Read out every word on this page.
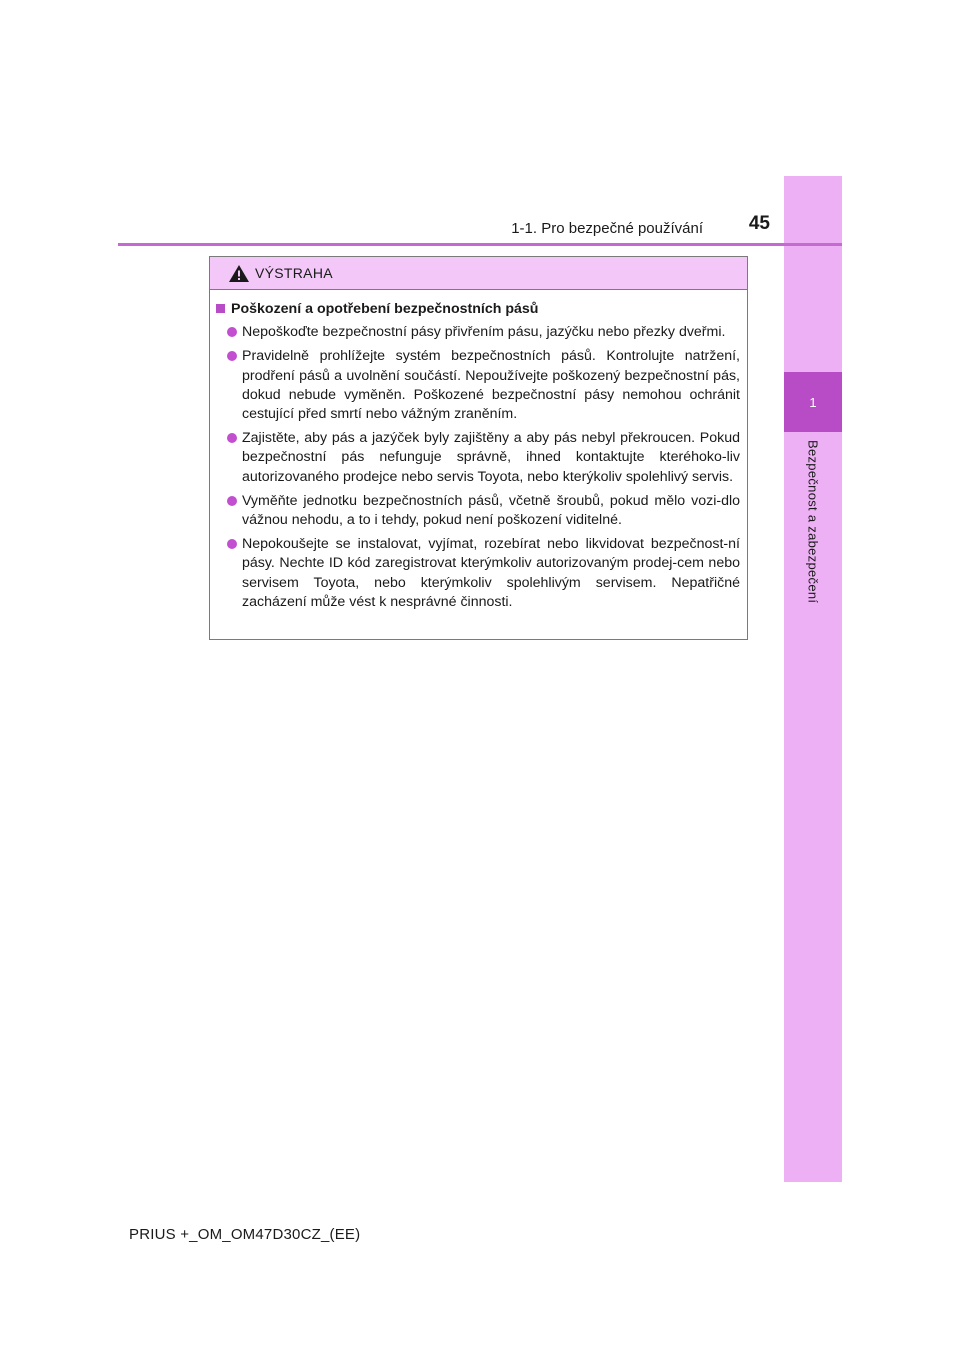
1
Bezpečnost a zabezpečení
1-1. Pro bezpečné používání	45
VÝSTRAHA
Poškození a opotřebení bezpečnostních pásů
Nepoškoďte bezpečnostní pásy přivřením pásu, jazýčku nebo přezky dveřmi.
Pravidelně prohlížejte systém bezpečnostních pásů. Kontrolujte natržení, prodření pásů a uvolnění součástí. Nepoužívejte poškozený bezpečnostní pás, dokud nebude vyměněn. Poškozené bezpečnostní pásy nemohou ochránit cestující před smrtí nebo vážným zraněním.
Zajistěte, aby pás a jazýček byly zajištěny a aby pás nebyl překroucen. Pokud bezpečnostní pás nefunguje správně, ihned kontaktujte kteréhoko-liv autorizovaného prodejce nebo servis Toyota, nebo kterýkoliv spolehlivý servis.
Vyměňte jednotku bezpečnostních pásů, včetně šroubů, pokud mělo vozi-dlo vážnou nehodu, a to i tehdy, pokud není poškození viditelné.
Nepokoušejte se instalovat, vyjímat, rozebírat nebo likvidovat bezpečnost-ní pásy. Nechte ID kód zaregistrovat kterýmkoliv autorizovaným prodej-cem nebo servisem Toyota, nebo kterýmkoliv spolehlivým servisem. Nepatřičné zacházení může vést k nesprávné činnosti.
PRIUS +_OM_OM47D30CZ_(EE)
